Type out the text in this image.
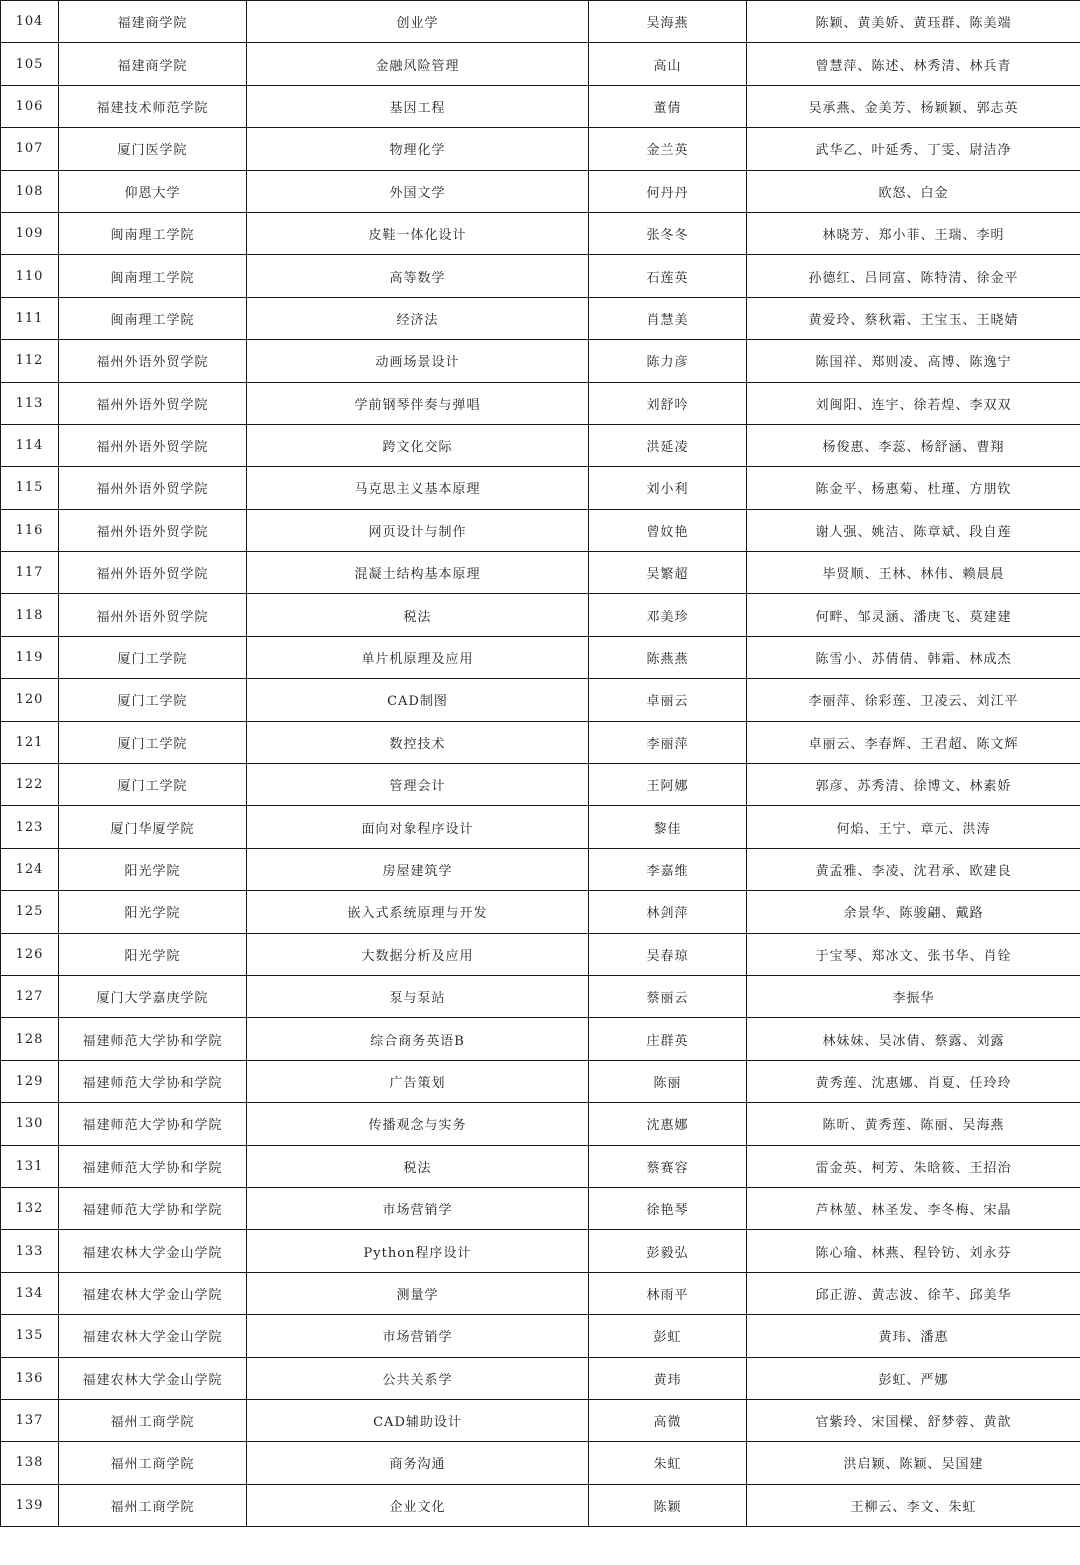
104	福建商学院	创业学	吴海燕	陈颖、黄美娇、黄珏群、陈美端
105	福建商学院	金融风险管理	高山	曾慧萍、陈述、林秀清、林兵青
106	福建技术师范学院	基因工程	董倩	吴承燕、金美芳、杨颖颖、郭志英
107	厦门医学院	物理化学	金兰英	武华乙、叶延秀、丁雯、尉洁净
108	仰恩大学	外国文学	何丹丹	欧怒、白金
109	闽南理工学院	皮鞋一体化设计	张冬冬	林晓芳、郑小菲、王瑞、李明
110	闽南理工学院	高等数学	石莲英	孙德红、吕同富、陈特清、徐金平
111	闽南理工学院	经济法	肖慧美	黄爱玲、蔡秋霜、王宝玉、王晓婧
112	福州外语外贸学院	动画场景设计	陈力彦	陈国祥、郑则凌、高博、陈逸宁
113	福州外语外贸学院	学前钢琴伴奏与弹唱	刘舒吟	刘闽阳、连宇、徐若煌、李双双
114	福州外语外贸学院	跨文化交际	洪延凌	杨俊惠、李蕊、杨舒涵、曹翔
115	福州外语外贸学院	马克思主义基本原理	刘小利	陈金平、杨惠菊、杜瑾、方朋钦
116	福州外语外贸学院	网页设计与制作	曾妏艳	谢人强、姚洁、陈章斌、段自莲
117	福州外语外贸学院	混凝土结构基本原理	吴繁超	毕贤顺、王林、林伟、赖晨晨
118	福州外语外贸学院	税法	邓美珍	何畔、邹灵涵、潘庚飞、莫建建
119	厦门工学院	单片机原理及应用	陈燕燕	陈雪小、苏倩倩、韩霜、林成杰
120	厦门工学院	CAD制图	卓丽云	李丽萍、徐彩莲、卫凌云、刘江平
121	厦门工学院	数控技术	李丽萍	卓丽云、李春辉、王君超、陈文辉
122	厦门工学院	管理会计	王阿娜	郭彦、苏秀清、徐博文、林素娇
123	厦门华厦学院	面向对象程序设计	黎佳	何焰、王宁、章元、洪涛
124	阳光学院	房屋建筑学	李嘉维	黄孟雅、李凌、沈君承、欧建良
125	阳光学院	嵌入式系统原理与开发	林剑萍	余景华、陈骏翩、戴路
126	阳光学院	大数据分析及应用	吴春琼	于宝琴、郑冰文、张书华、肖铨
127	厦门大学嘉庚学院	泵与泵站	蔡丽云	李振华
128	福建师范大学协和学院	综合商务英语B	庄群英	林妹妹、吴冰倩、蔡露、刘露
129	福建师范大学协和学院	广告策划	陈丽	黄秀莲、沈惠娜、肖夏、任玲玲
130	福建师范大学协和学院	传播观念与实务	沈惠娜	陈昕、黄秀莲、陈丽、吴海燕
131	福建师范大学协和学院	税法	蔡赛容	雷金英、柯芳、朱晗筱、王招治
132	福建师范大学协和学院	市场营销学	徐艳琴	芦林堃、林圣发、李冬梅、宋晶
133	福建农林大学金山学院	Python程序设计	彭毅弘	陈心瑜、林燕、程铃钫、刘永芬
134	福建农林大学金山学院	测量学	林雨平	邱正游、黄志波、徐芊、邱美华
135	福建农林大学金山学院	市场营销学	彭虹	黄玮、潘惠
136	福建农林大学金山学院	公共关系学	黄玮	彭虹、严娜
137	福州工商学院	CAD辅助设计	高微	官紫玲、宋国樑、舒梦蓉、黄歆
138	福州工商学院	商务沟通	朱虹	洪启颖、陈颖、吴国建
139	福州工商学院	企业文化	陈颖	王柳云、李文、朱虹
